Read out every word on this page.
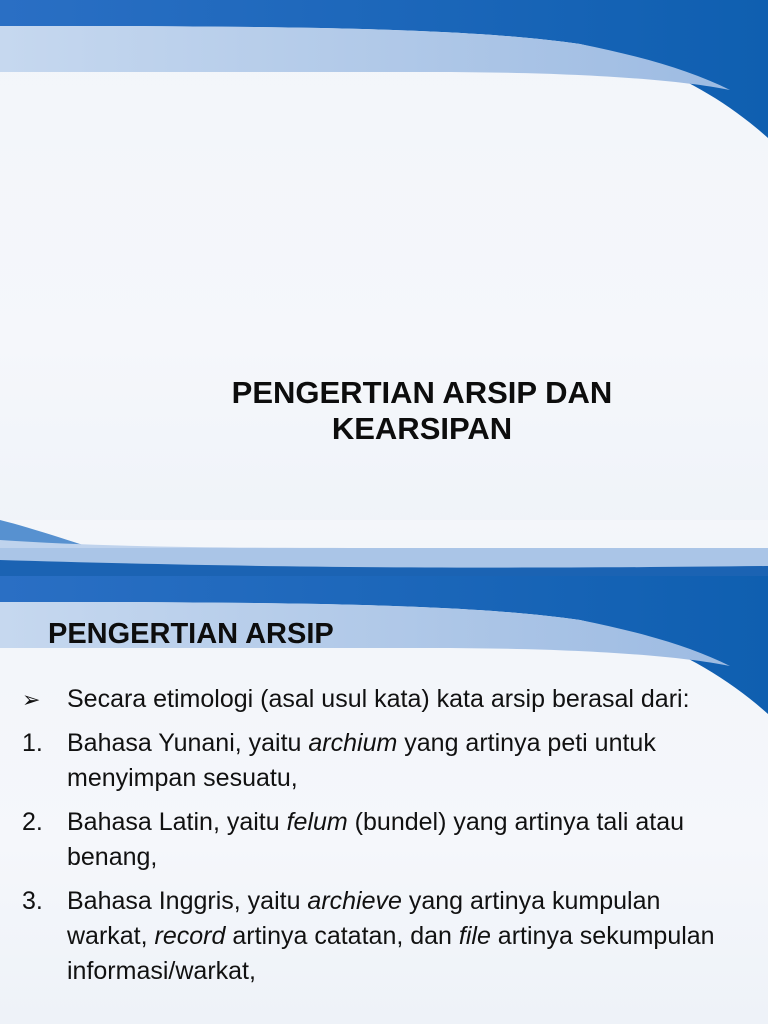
PENGERTIAN ARSIP DAN
KEARSIPAN
PENGERTIAN ARSIP
➢	Secara etimologi (asal usul kata) kata arsip berasal dari:
1. Bahasa Yunani, yaitu archium yang artinya peti untuk menyimpan sesuatu,
2. Bahasa Latin, yaitu felum (bundel) yang artinya tali atau benang,
3. Bahasa Inggris, yaitu archieve yang artinya kumpulan warkat, record artinya catatan, dan file artinya sekumpulan informasi/warkat,
